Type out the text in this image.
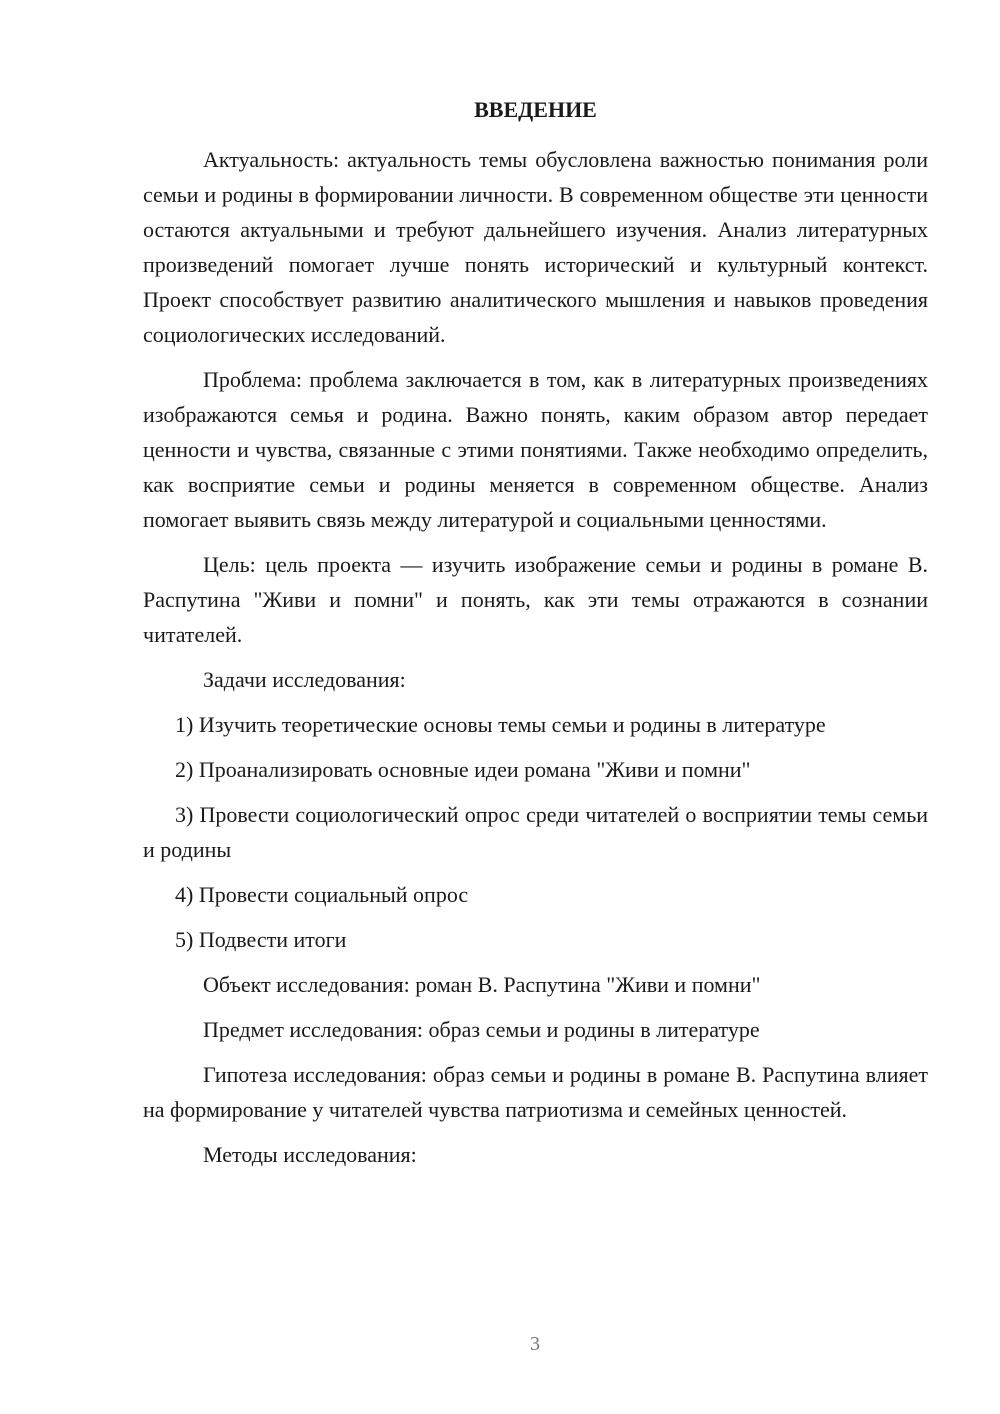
ВВЕДЕНИЕ

Актуальность: актуальность темы обусловлена важностью понимания роли семьи и родины в формировании личности. В современном обществе эти ценности остаются актуальными и требуют дальнейшего изучения. Анализ литературных произведений помогает лучше понять исторический и культурный контекст. Проект способствует развитию аналитического мышления и навыков проведения социологических исследований.

Проблема: проблема заключается в том, как в литературных произведениях изображаются семья и родина. Важно понять, каким образом автор передает ценности и чувства, связанные с этими понятиями. Также необходимо определить, как восприятие семьи и родины меняется в современном обществе. Анализ помогает выявить связь между литературой и социальными ценностями.

Цель: цель проекта — изучить изображение семьи и родины в романе В. Распутина "Живи и помни" и понять, как эти темы отражаются в сознании читателей.

Задачи исследования:

1) Изучить теоретические основы темы семьи и родины в литературе

2) Проанализировать основные идеи романа "Живи и помни"

3) Провести социологический опрос среди читателей о восприятии темы семьи и родины

4) Провести социальный опрос

5) Подвести итоги

Объект исследования: роман В. Распутина "Живи и помни"

Предмет исследования: образ семьи и родины в литературе

Гипотеза исследования: образ семьи и родины в романе В. Распутина влияет на формирование у читателей чувства патриотизма и семейных ценностей.

Методы исследования:

3
